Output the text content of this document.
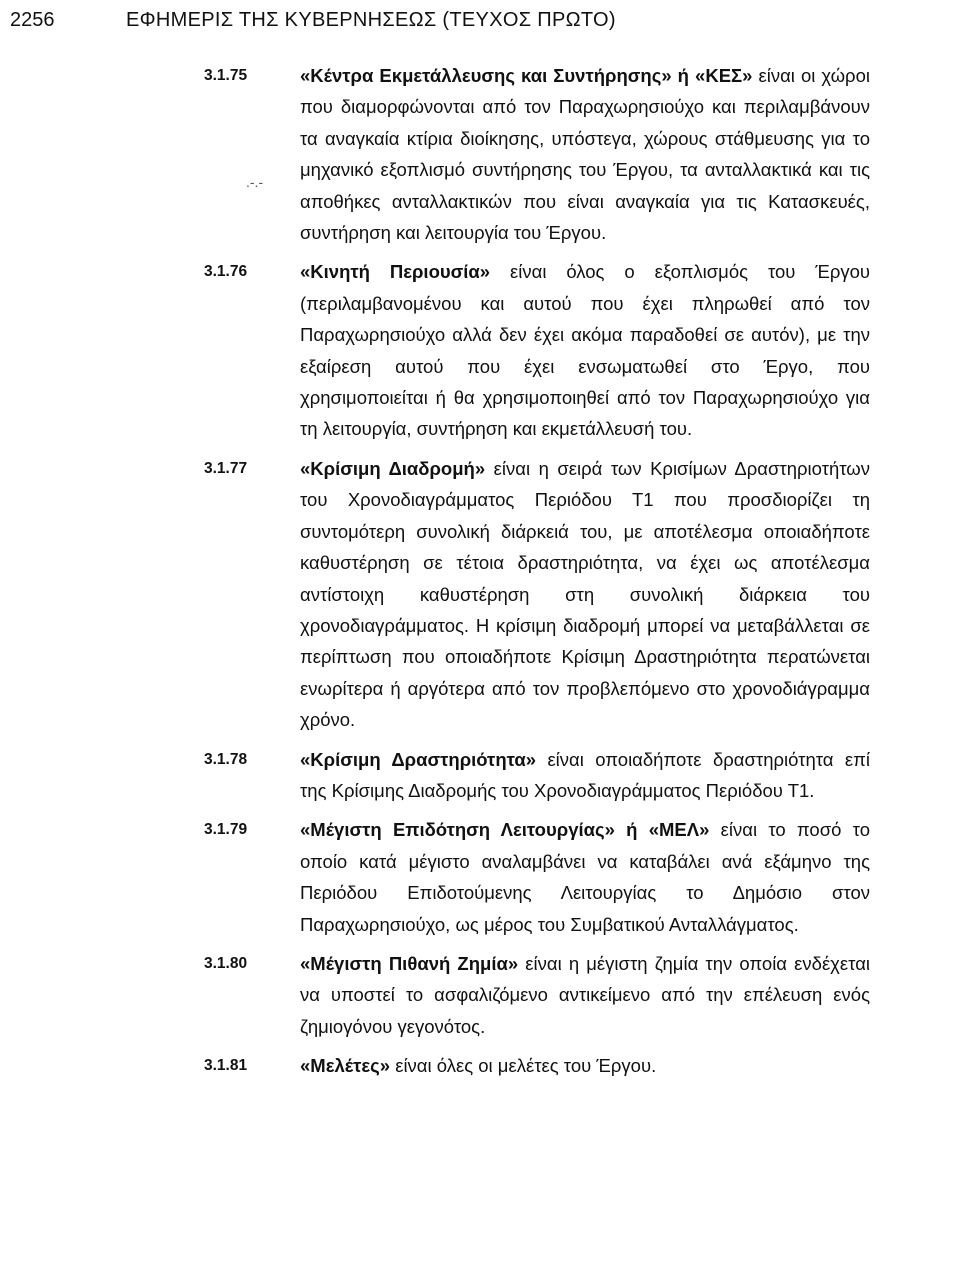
2256	ΕΦΗΜΕΡΙΣ ΤΗΣ ΚΥΒΕΡΝΗΣΕΩΣ (ΤΕΥΧΟΣ ΠΡΩΤΟ)
.-.-
3.1.75	«Κέντρα Εκμετάλλευσης και Συντήρησης» ή «ΚΕΣ» είναι οι χώροι που διαμορφώνονται από τον Παραχωρησιούχο και περιλαμβάνουν τα αναγκαία κτίρια διοίκησης, υπόστεγα, χώρους στάθμευσης για το μηχανικό εξοπλισμό συντήρησης του Έργου, τα ανταλλακτικά και τις αποθήκες ανταλλακτικών που είναι αναγκαία για τις Κατασκευές, συντήρηση και λειτουργία του Έργου.
3.1.76	«Κινητή Περιουσία» είναι όλος ο εξοπλισμός του Έργου (περιλαμβανομένου και αυτού που έχει πληρωθεί από τον Παραχωρησιούχο αλλά δεν έχει ακόμα παραδοθεί σε αυτόν), με την εξαίρεση αυτού που έχει ενσωματωθεί στο Έργο, που χρησιμοποιείται ή θα χρησιμοποιηθεί από τον Παραχωρησιούχο για τη λειτουργία, συντήρηση και εκμετάλλευσή του.
3.1.77	«Κρίσιμη Διαδρομή» είναι η σειρά των Κρισίμων Δραστηριοτήτων του Χρονοδιαγράμματος Περιόδου Τ1 που προσδιορίζει τη συντομότερη συνολική διάρκειά του, με αποτέλεσμα οποιαδήποτε καθυστέρηση σε τέτοια δραστηριότητα, να έχει ως αποτέλεσμα αντίστοιχη καθυστέρηση στη συνολική διάρκεια του χρονοδιαγράμματος. Η κρίσιμη διαδρομή μπορεί να μεταβάλλεται σε περίπτωση που οποιαδήποτε Κρίσιμη Δραστηριότητα περατώνεται ενωρίτερα ή αργότερα από τον προβλεπόμενο στο χρονοδιάγραμμα χρόνο.
3.1.78	«Κρίσιμη Δραστηριότητα» είναι οποιαδήποτε δραστηριότητα επί της Κρίσιμης Διαδρομής του Χρονοδιαγράμματος Περιόδου Τ1.
3.1.79	«Μέγιστη Επιδότηση Λειτουργίας» ή «ΜΕΛ» είναι το ποσό το οποίο κατά μέγιστο αναλαμβάνει να καταβάλει ανά εξάμηνο της Περιόδου Επιδοτούμενης Λειτουργίας το Δημόσιο στον Παραχωρησιούχο, ως μέρος του Συμβατικού Ανταλλάγματος.
3.1.80	«Μέγιστη Πιθανή Ζημία» είναι η μέγιστη ζημία την οποία ενδέχεται να υποστεί το ασφαλιζόμενο αντικείμενο από την επέλευση ενός ζημιογόνου γεγονότος.
3.1.81	«Μελέτες» είναι όλες οι μελέτες του Έργου.
